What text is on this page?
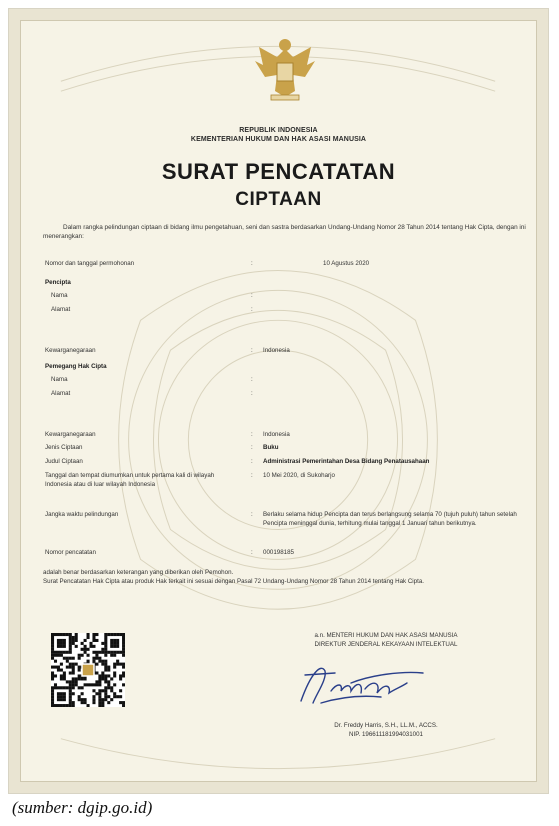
REPUBLIK INDONESIA
KEMENTERIAN HUKUM DAN HAK ASASI MANUSIA
SURAT PENCATATAN
CIPTAAN
Dalam rangka pelindungan ciptaan di bidang ilmu pengetahuan, seni dan sastra berdasarkan Undang-Undang Nomor 28 Tahun 2014 tentang Hak Cipta, dengan ini menerangkan:
Nomor dan tanggal permohonan	:	10 Agustus 2020
Pencipta
Nama	:
Alamat	:
Kewarganegaraan	:	Indonesia
Pemegang Hak Cipta
Nama	:
Alamat	:
Kewarganegaraan	:	Indonesia
Jenis Ciptaan	:	Buku
Judul Ciptaan	:	Administrasi Pemerintahan Desa Bidang Penatausahaan
Tanggal dan tempat diumumkan untuk pertama kali di wilayah Indonesia atau di luar wilayah Indonesia
:	10 Mei 2020, di Sukoharjo
Jangka waktu pelindungan	:	Berlaku selama hidup Pencipta dan terus berlangsung selama 70 (tujuh puluh) tahun setelah Pencipta meninggal dunia, terhitung mulai tanggal 1 Januari tahun berikutnya.
Nomor pencatatan	:	000198185
adalah benar berdasarkan keterangan yang diberikan oleh Pemohon.
Surat Pencatatan Hak Cipta atau produk Hak terkait ini sesuai dengan Pasal 72 Undang-Undang Nomor 28 Tahun 2014 tentang Hak Cipta.
a.n. MENTERI HUKUM DAN HAK ASASI MANUSIA
DIREKTUR JENDERAL KEKAYAAN INTELEKTUAL
Dr. Freddy Harris, S.H., LL.M., ACCS.
NIP. 196611181994031001
(sumber: dgip.go.id)
